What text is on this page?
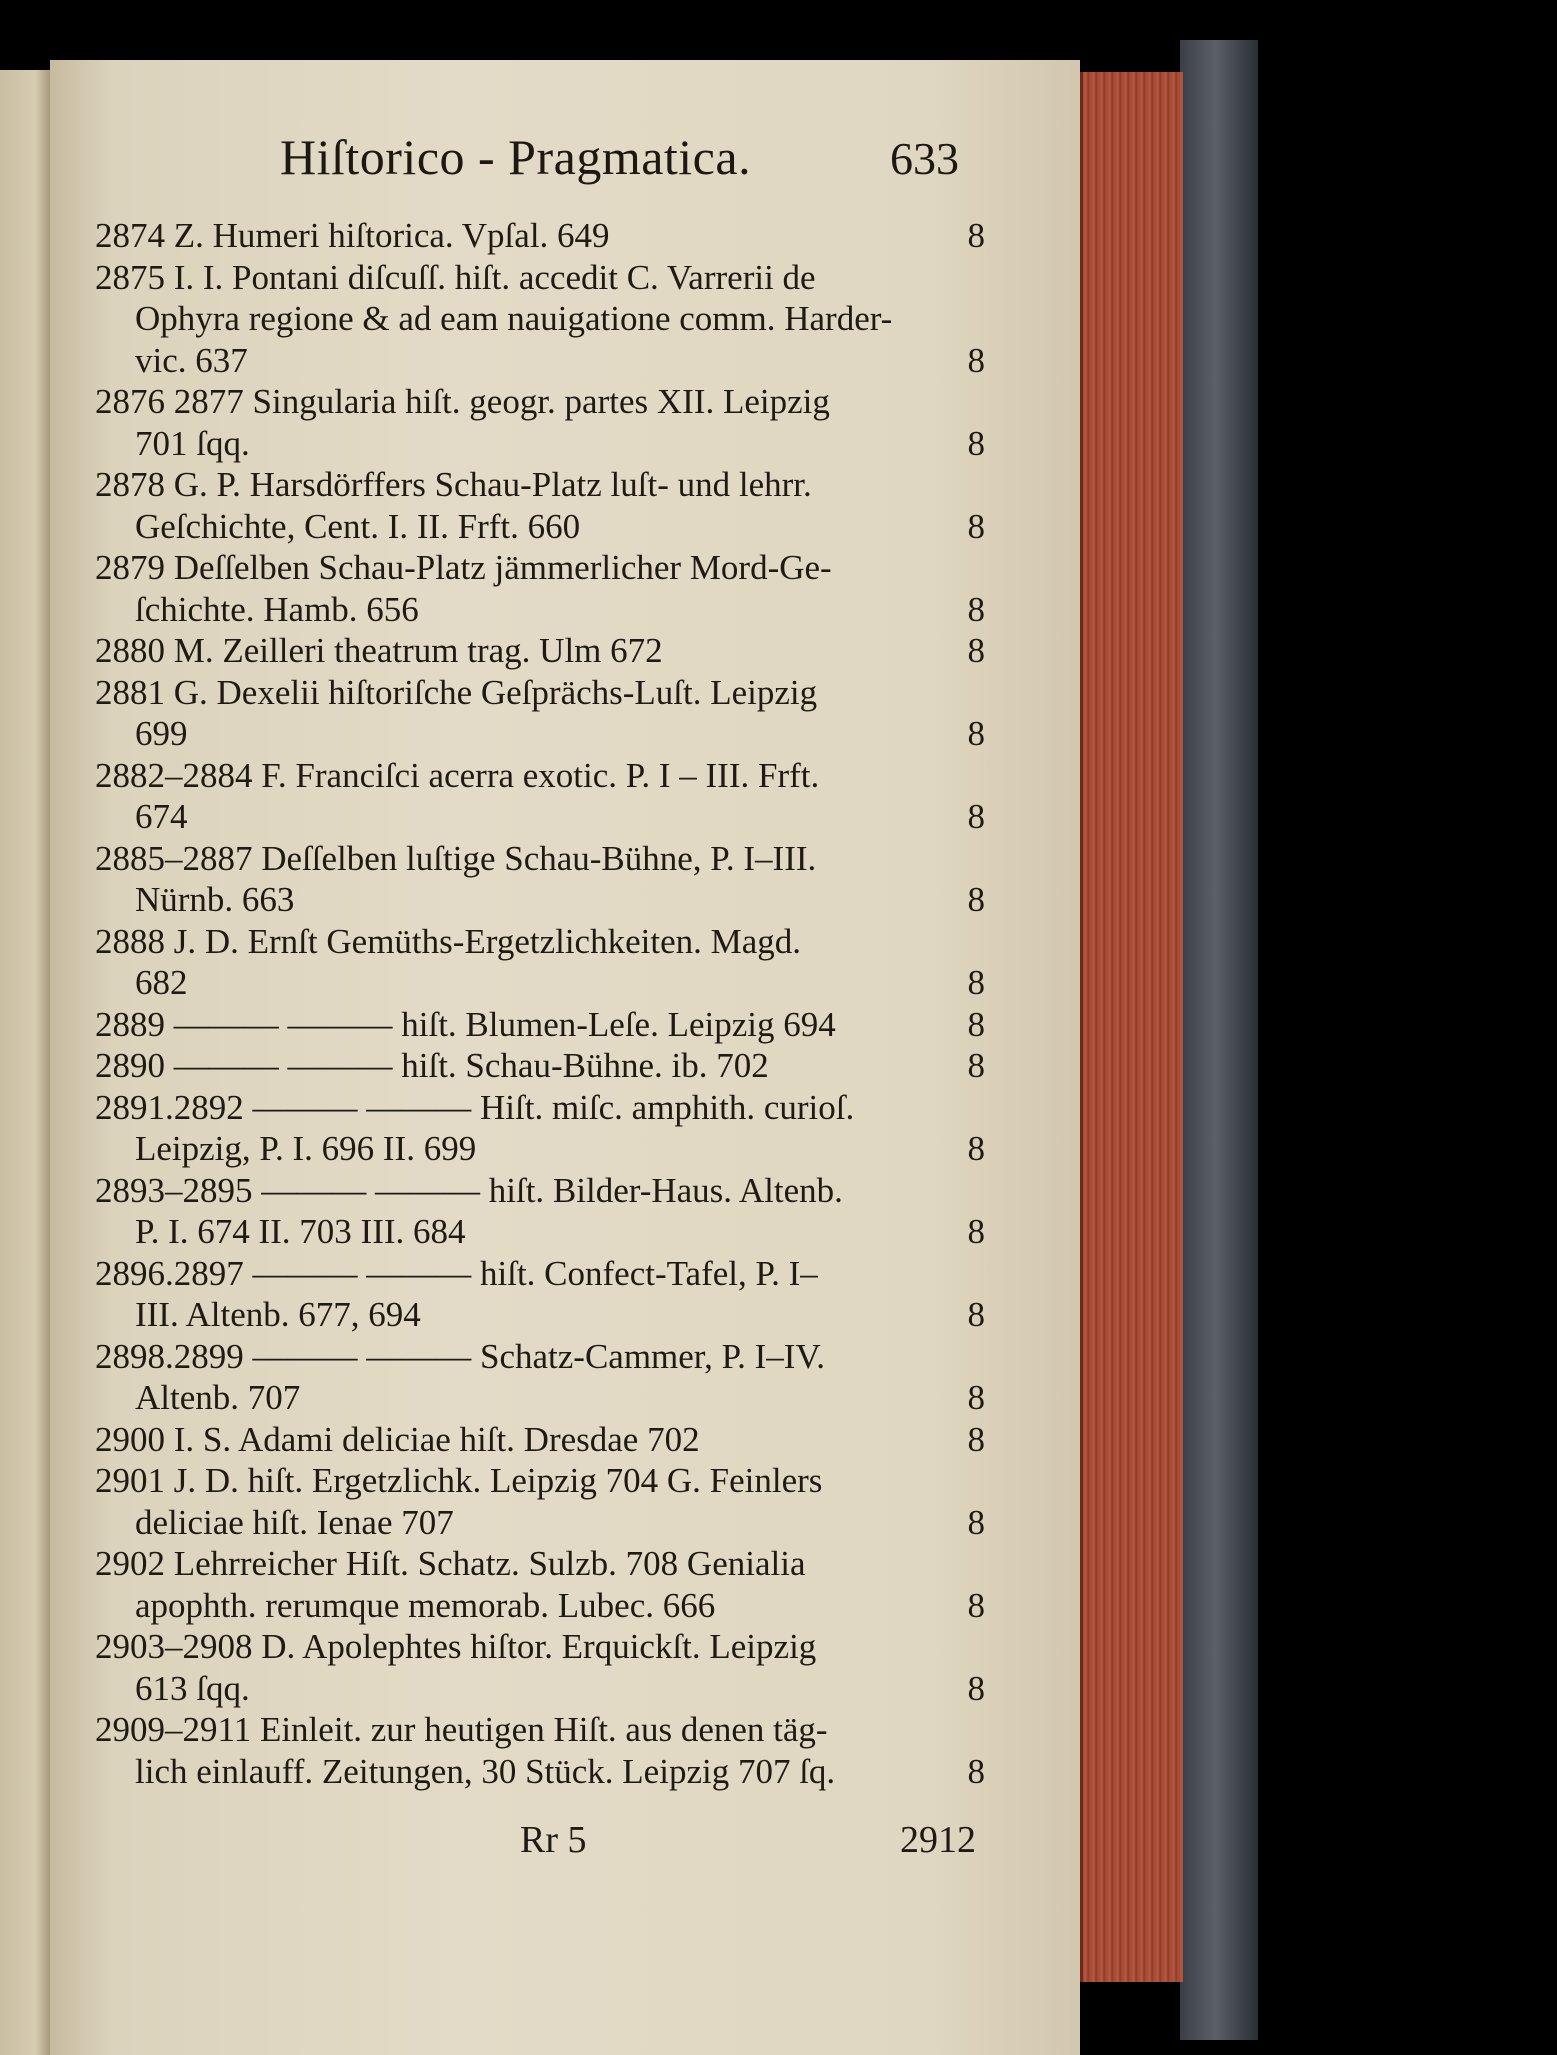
Hiſtorico - Pragmatica.	633
2874 Z. Humeri hiſtorica. Vpſal. 649	8
2875 I. I. Pontani diſcuſſ. hiſt. accedit C. Varrerii de
Ophyra regione & ad eam nauigatione comm. Harder-
vic. 637	8
2876 2877 Singularia hiſt. geogr. partes XII. Leipzig
701 ſqq.	8
2878 G. P. Harsdörffers Schau-Platz luſt- und lehrr.
Geſchichte, Cent. I. II. Frft. 660	8
2879 Deſſelben Schau-Platz jämmerlicher Mord-Ge-
ſchichte. Hamb. 656	8
2880 M. Zeilleri theatrum trag. Ulm 672	8
2881 G. Dexelii hiſtoriſche Geſprächs-Luſt. Leipzig
699	8
2882–2884 F. Franciſci acerra exotic. P. I – III. Frft.
674	8
2885–2887 Deſſelben luſtige Schau-Bühne, P. I–III.
Nürnb. 663	8
2888 J. D. Ernſt Gemüths-Ergetzlichkeiten. Magd.
682	8
2889 ——— ——— hiſt. Blumen-Leſe. Leipzig 694	8
2890 ——— ——— hiſt. Schau-Bühne. ib. 702	8
2891.2892 ——— ——— Hiſt. miſc. amphith. curioſ.
Leipzig, P. I. 696 II. 699	8
2893–2895 ——— ——— hiſt. Bilder-Haus. Altenb.
P. I. 674 II. 703 III. 684	8
2896.2897 ——— ——— hiſt. Confect-Tafel, P. I–
III. Altenb. 677, 694	8
2898.2899 ——— ——— Schatz-Cammer, P. I–IV.
Altenb. 707	8
2900 I. S. Adami deliciae hiſt. Dresdae 702	8
2901 J. D. hiſt. Ergetzlichk. Leipzig 704 G. Feinlers
deliciae hiſt. Ienae 707	8
2902 Lehrreicher Hiſt. Schatz. Sulzb. 708 Genialia
apophth. rerumque memorab. Lubec. 666	8
2903–2908 D. Apolephtes hiſtor. Erquickſt. Leipzig
613 ſqq.	8
2909–2911 Einleit. zur heutigen Hiſt. aus denen täg-
lich einlauff. Zeitungen, 30 Stück. Leipzig 707 ſq.	8
Rr 5	2912
